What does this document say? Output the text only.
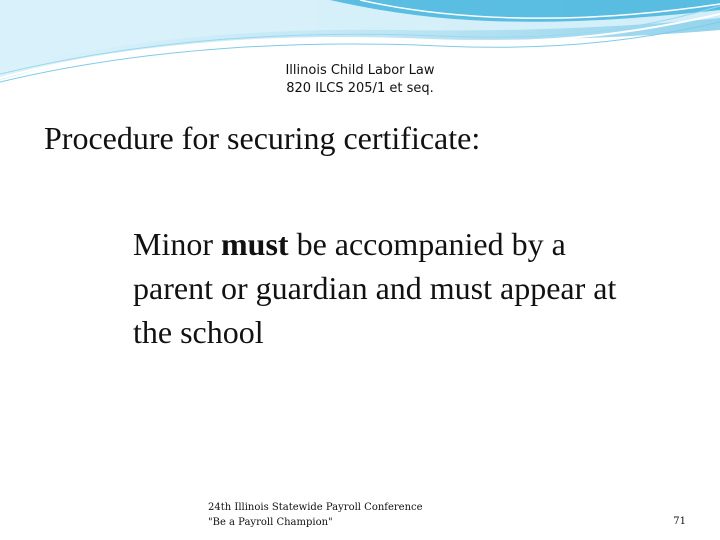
Illinois Child Labor Law
820 ILCS 205/1 et seq.
Procedure for securing certificate:
Minor must be accompanied by a parent or guardian and must appear at the school
24th Illinois Statewide Payroll Conference
"Be a Payroll Champion"	71
